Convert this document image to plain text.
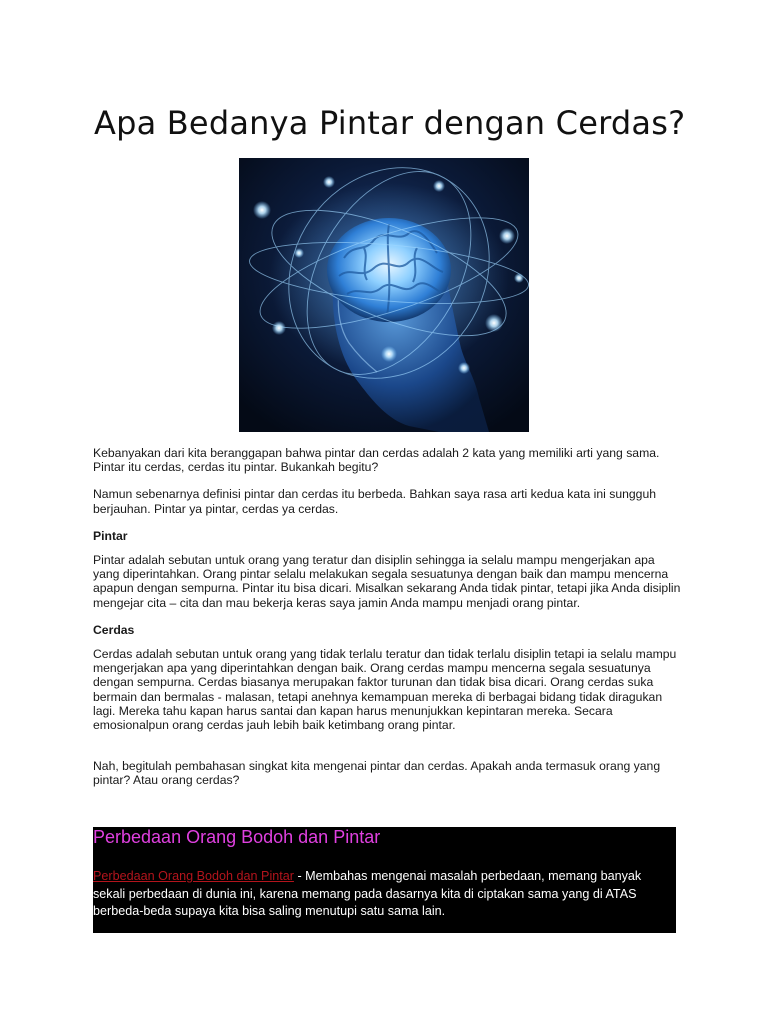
Apa Bedanya Pintar dengan Cerdas?

Kebanyakan dari kita beranggapan bahwa pintar dan cerdas adalah 2 kata yang memiliki arti yang sama. Pintar itu cerdas, cerdas itu pintar. Bukankah begitu?

Namun sebenarnya definisi pintar dan cerdas itu berbeda. Bahkan saya rasa arti kedua kata ini sungguh berjauhan. Pintar ya pintar, cerdas ya cerdas.

Pintar

Pintar adalah sebutan untuk orang yang teratur dan disiplin sehingga ia selalu mampu mengerjakan apa yang diperintahkan. Orang pintar selalu melakukan segala sesuatunya dengan baik dan mampu mencerna apapun dengan sempurna. Pintar itu bisa dicari. Misalkan sekarang Anda tidak pintar, tetapi jika Anda disiplin mengejar cita – cita dan mau bekerja keras saya jamin Anda mampu menjadi orang pintar.

Cerdas

Cerdas adalah sebutan untuk orang yang tidak terlalu teratur dan tidak terlalu disiplin tetapi ia selalu mampu mengerjakan apa yang diperintahkan dengan baik. Orang cerdas mampu mencerna segala sesuatunya dengan sempurna. Cerdas biasanya merupakan faktor turunan dan tidak bisa dicari. Orang cerdas suka bermain dan bermalas - malasan, tetapi anehnya kemampuan mereka di berbagai bidang tidak diragukan lagi. Mereka tahu kapan harus santai dan kapan harus menunjukkan kepintaran mereka. Secara emosionalpun orang cerdas jauh lebih baik ketimbang orang pintar.

Nah, begitulah pembahasan singkat kita mengenai pintar dan cerdas. Apakah anda termasuk orang yang pintar? Atau orang cerdas?

Perbedaan Orang Bodoh dan Pintar
Perbedaan Orang Bodoh dan Pintar - Membahas mengenai masalah perbedaan, memang banyak sekali perbedaan di dunia ini, karena memang pada dasarnya kita di ciptakan sama yang di ATAS berbeda-beda supaya kita bisa saling menutupi satu sama lain.
